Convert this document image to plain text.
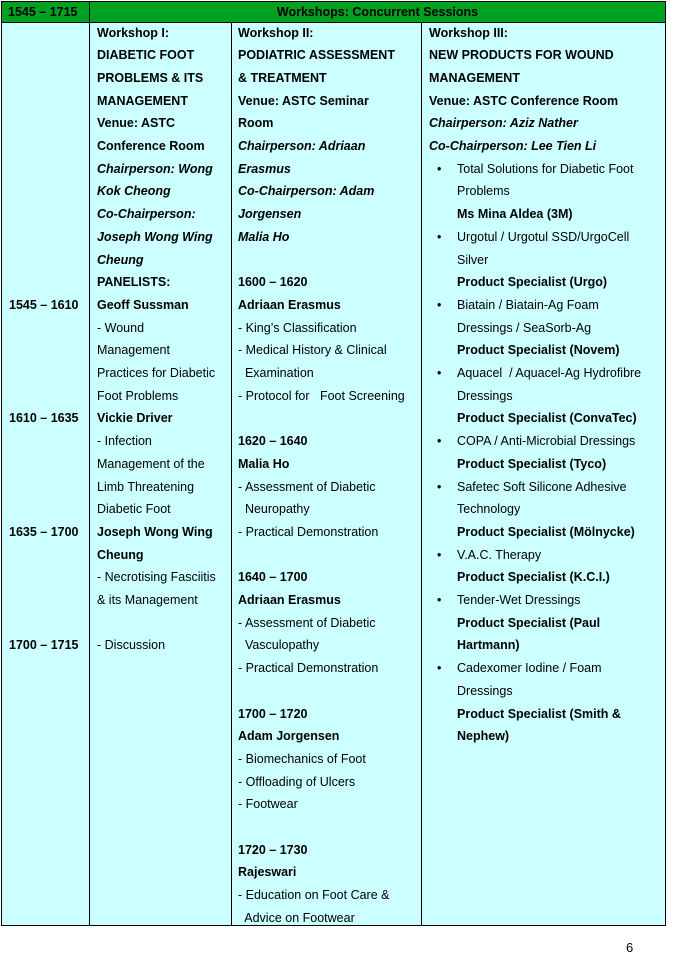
1545 – 1715	Workshops: Concurrent Sessions
1545 – 1610
1610 – 1635
1635 – 1700
1700 – 1715
Workshop I:
DIABETIC FOOT
PROBLEMS & ITS
MANAGEMENT
Venue: ASTC
Conference Room
Chairperson: Wong
Kok Cheong
Co-Chairperson:
Joseph Wong Wing
Cheung
PANELISTS:
Geoff Sussman
- Wound
Management
Practices for Diabetic
Foot Problems
Vickie Driver
- Infection
Management of the
Limb Threatening
Diabetic Foot
Joseph Wong Wing
Cheung
- Necrotising Fasciitis
& its Management
- Discussion
Workshop II:
PODIATRIC ASSESSMENT
& TREATMENT
Venue: ASTC Seminar
Room
Chairperson: Adriaan
Erasmus
Co-Chairperson: Adam
Jorgensen
Malia Ho
1600 – 1620
Adriaan Erasmus
- King’s Classification
- Medical History & Clinical
Examination
- Protocol for   Foot Screening
1620 – 1640
Malia Ho
- Assessment of Diabetic
Neuropathy
- Practical Demonstration
1640 – 1700
Adriaan Erasmus
- Assessment of Diabetic
Vasculopathy
- Practical Demonstration
1700 – 1720
Adam Jorgensen
- Biomechanics of Foot
- Offloading of Ulcers
- Footwear
1720 – 1730
Rajeswari
- Education on Foot Care &
Advice on Footwear
Workshop III:
NEW PRODUCTS FOR WOUND
MANAGEMENT
Venue: ASTC Conference Room
Chairperson: Aziz Nather
Co-Chairperson: Lee Tien Li
• Total Solutions for Diabetic Foot
Problems
Ms Mina Aldea (3M)
• Urgotul / Urgotul SSD/UrgoCell
Silver
Product Specialist (Urgo)
• Biatain / Biatain-Ag Foam
Dressings / SeaSorb-Ag
Product Specialist (Novem)
• Aquacel  / Aquacel-Ag Hydrofibre
Dressings
Product Specialist (ConvaTec)
• COPA / Anti-Microbial Dressings
Product Specialist (Tyco)
• Safetec Soft Silicone Adhesive
Technology
Product Specialist (Mölnycke)
• V.A.C. Therapy
Product Specialist (K.C.I.)
• Tender-Wet Dressings
Product Specialist (Paul
Hartmann)
• Cadexomer Iodine / Foam
Dressings
Product Specialist (Smith &
Nephew)
6
